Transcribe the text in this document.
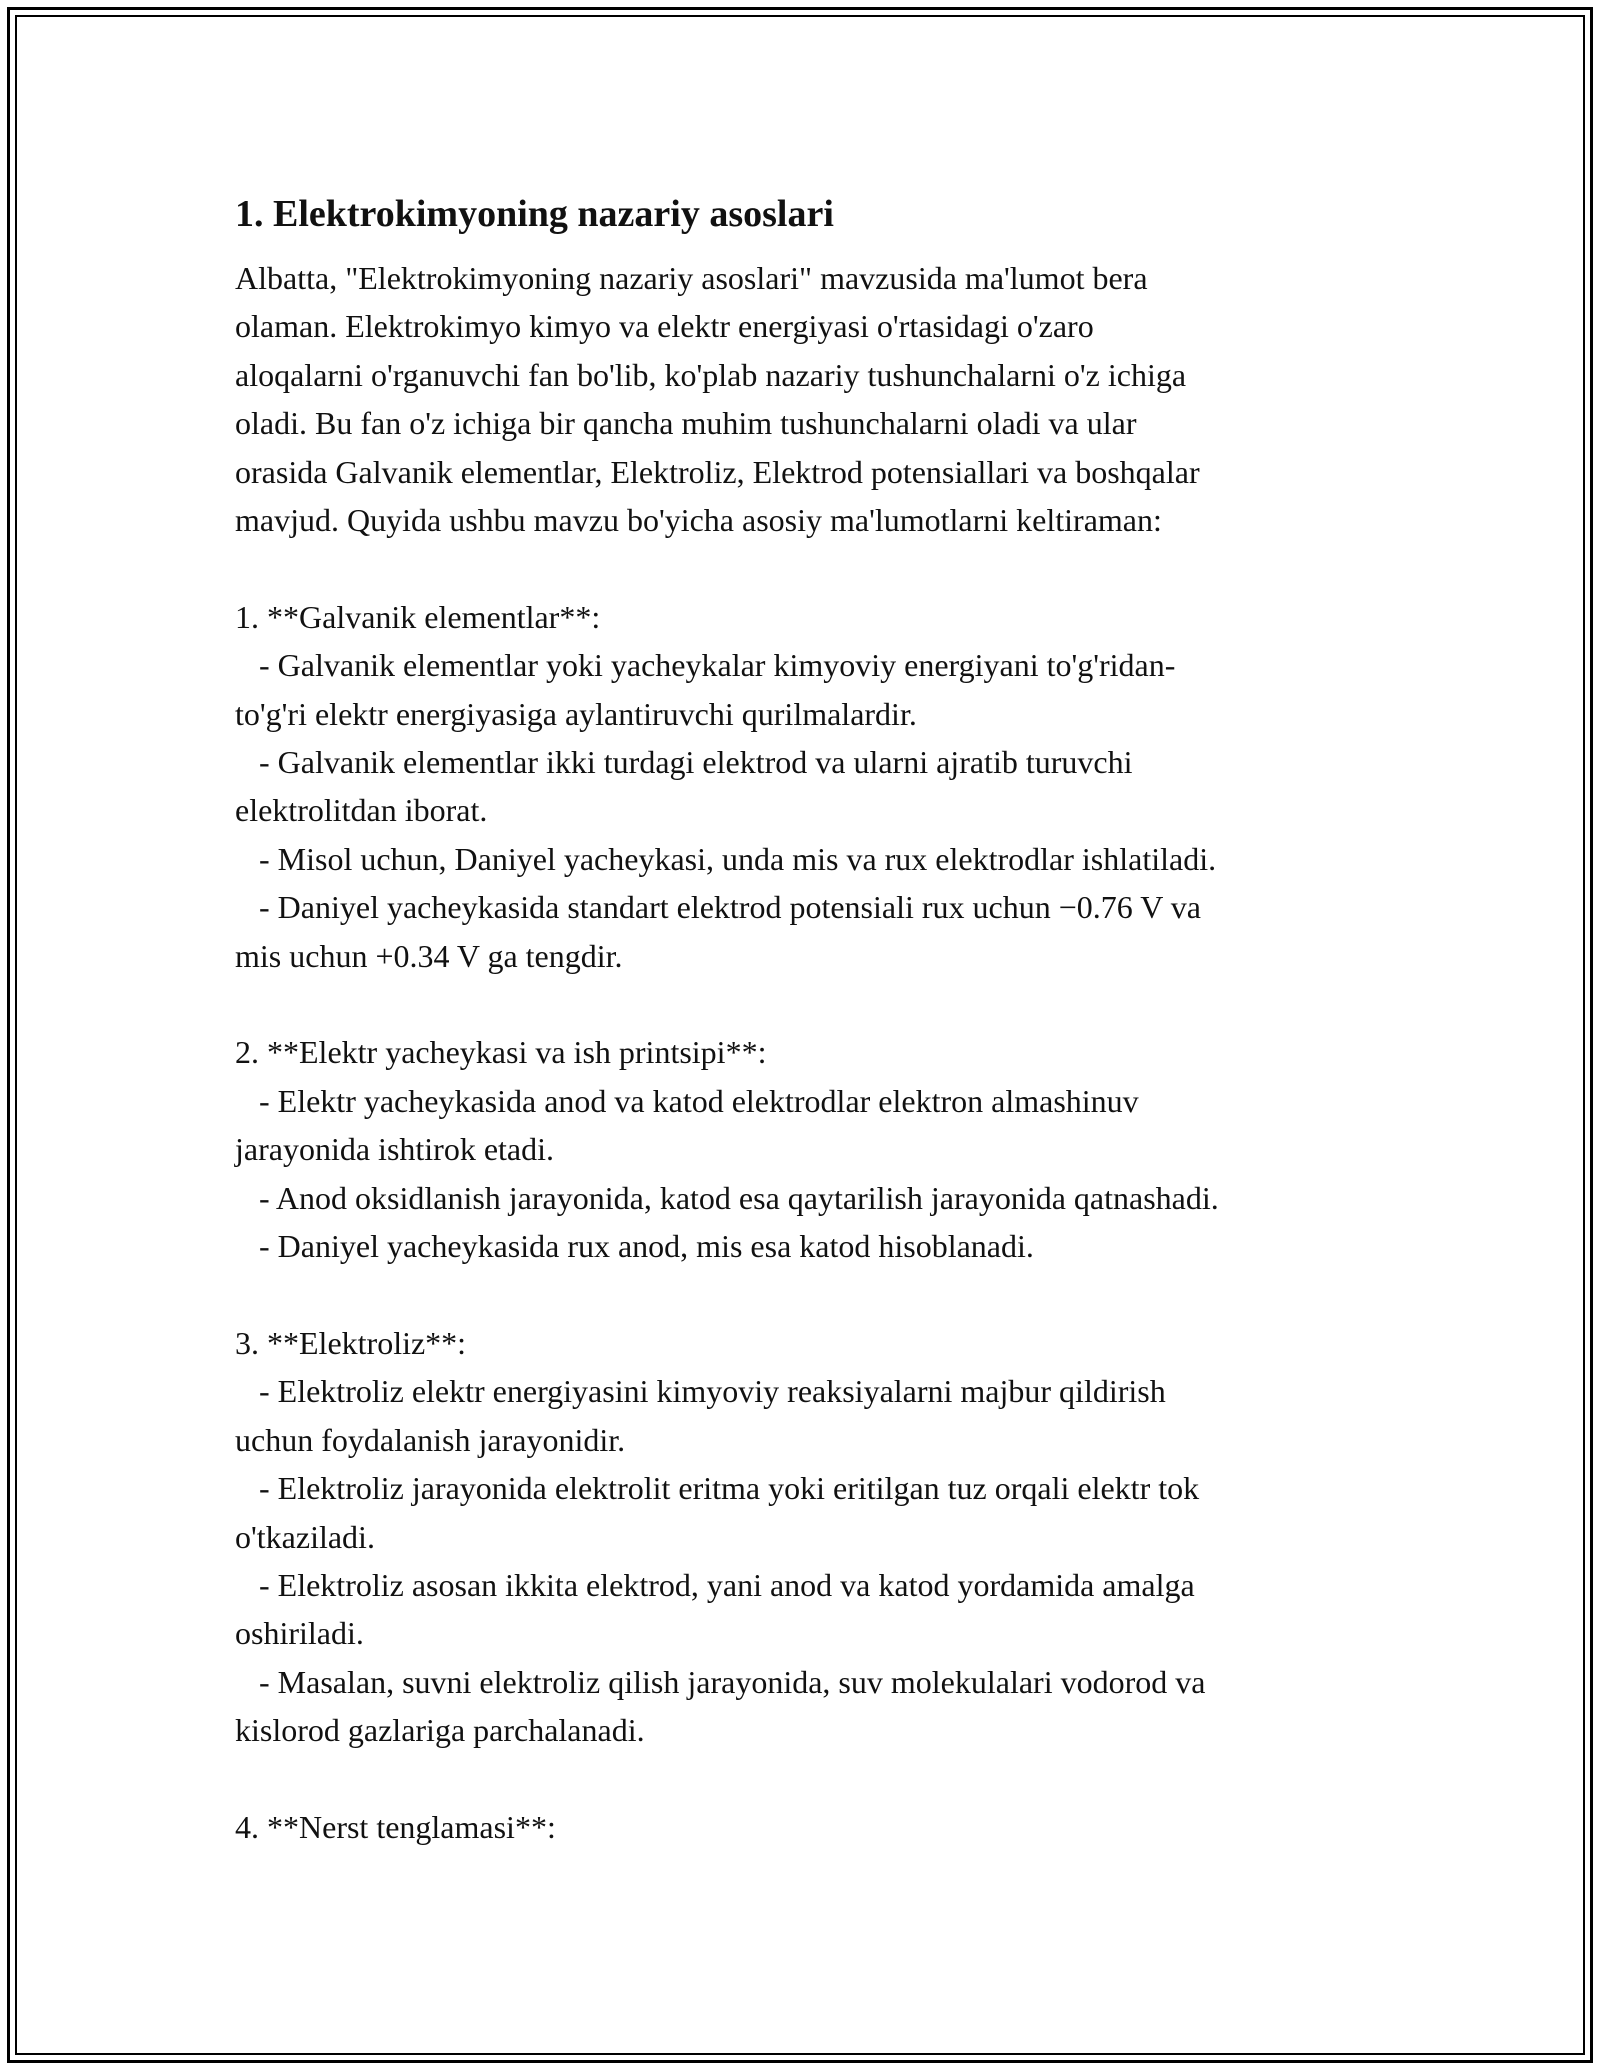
1. Elektrokimyoning nazariy asoslari
Albatta, "Elektrokimyoning nazariy asoslari" mavzusida ma'lumot bera
olaman. Elektrokimyo kimyo va elektr energiyasi o'rtasidagi o'zaro
aloqalarni o'rganuvchi fan bo'lib, ko'plab nazariy tushunchalarni o'z ichiga
oladi. Bu fan o'z ichiga bir qancha muhim tushunchalarni oladi va ular
orasida Galvanik elementlar, Elektroliz, Elektrod potensiallari va boshqalar
mavjud. Quyida ushbu mavzu bo'yicha asosiy ma'lumotlarni keltiraman:
1. **Galvanik elementlar**:
- Galvanik elementlar yoki yacheykalar kimyoviy energiyani to'g'ridan-
to'g'ri elektr energiyasiga aylantiruvchi qurilmalardir.
- Galvanik elementlar ikki turdagi elektrod va ularni ajratib turuvchi
elektrolitdan iborat.
- Misol uchun, Daniyel yacheykasi, unda mis va rux elektrodlar ishlatiladi.
- Daniyel yacheykasida standart elektrod potensiali rux uchun −0.76 V va
mis uchun +0.34 V ga tengdir.
2. **Elektr yacheykasi va ish printsipi**:
- Elektr yacheykasida anod va katod elektrodlar elektron almashinuv
jarayonida ishtirok etadi.
- Anod oksidlanish jarayonida, katod esa qaytarilish jarayonida qatnashadi.
- Daniyel yacheykasida rux anod, mis esa katod hisoblanadi.
3. **Elektroliz**:
- Elektroliz elektr energiyasini kimyoviy reaksiyalarni majbur qildirish
uchun foydalanish jarayonidir.
- Elektroliz jarayonida elektrolit eritma yoki eritilgan tuz orqali elektr tok
o'tkaziladi.
- Elektroliz asosan ikkita elektrod, yani anod va katod yordamida amalga
oshiriladi.
- Masalan, suvni elektroliz qilish jarayonida, suv molekulalari vodorod va
kislorod gazlariga parchalanadi.
4. **Nerst tenglamasi**:
